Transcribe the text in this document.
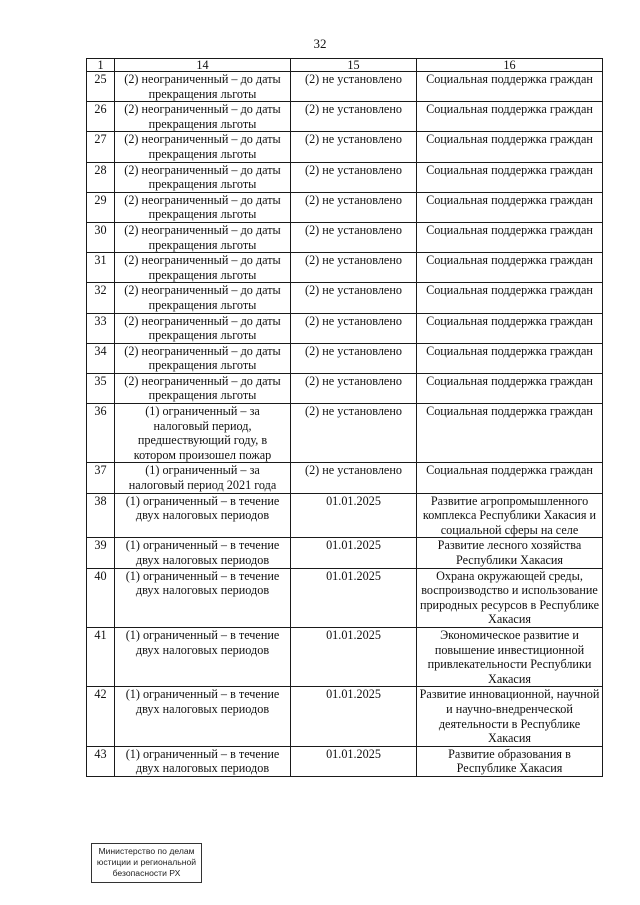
32
1	14	15	16
25	(2) неограниченный – до даты прекращения льготы	(2) не установлено	Социальная поддержка граждан
26	(2) неограниченный – до даты прекращения льготы	(2) не установлено	Социальная поддержка граждан
27	(2) неограниченный – до даты прекращения льготы	(2) не установлено	Социальная поддержка граждан
28	(2) неограниченный – до даты прекращения льготы	(2) не установлено	Социальная поддержка граждан
29	(2) неограниченный – до даты прекращения льготы	(2) не установлено	Социальная поддержка граждан
30	(2) неограниченный – до даты прекращения льготы	(2) не установлено	Социальная поддержка граждан
31	(2) неограниченный – до даты прекращения льготы	(2) не установлено	Социальная поддержка граждан
32	(2) неограниченный – до даты прекращения льготы	(2) не установлено	Социальная поддержка граждан
33	(2) неограниченный – до даты прекращения льготы	(2) не установлено	Социальная поддержка граждан
34	(2) неограниченный – до даты прекращения льготы	(2) не установлено	Социальная поддержка граждан
35	(2) неограниченный – до даты прекращения льготы	(2) не установлено	Социальная поддержка граждан
36	(1) ограниченный – за налоговый период, предшествующий году, в котором произошел пожар	(2) не установлено	Социальная поддержка граждан
37	(1) ограниченный – за налоговый период 2021 года	(2) не установлено	Социальная поддержка граждан
38	(1) ограниченный – в течение двух налоговых периодов	01.01.2025	Развитие агропромышленного комплекса Республики Хакасия и социальной сферы на селе
39	(1) ограниченный – в течение двух налоговых периодов	01.01.2025	Развитие лесного хозяйства Республики Хакасия
40	(1) ограниченный – в течение двух налоговых периодов	01.01.2025	Охрана окружающей среды, воспроизводство и использование природных ресурсов в Республике Хакасия
41	(1) ограниченный – в течение двух налоговых периодов	01.01.2025	Экономическое развитие и повышение инвестиционной привлекательности Республики Хакасия
42	(1) ограниченный – в течение двух налоговых периодов	01.01.2025	Развитие инновационной, научной и научно-внедренческой деятельности в Республике Хакасия
43	(1) ограниченный – в течение двух налоговых периодов	01.01.2025	Развитие образования в Республике Хакасия
Министерство по делам
юстиции и региональной
безопасности РХ
